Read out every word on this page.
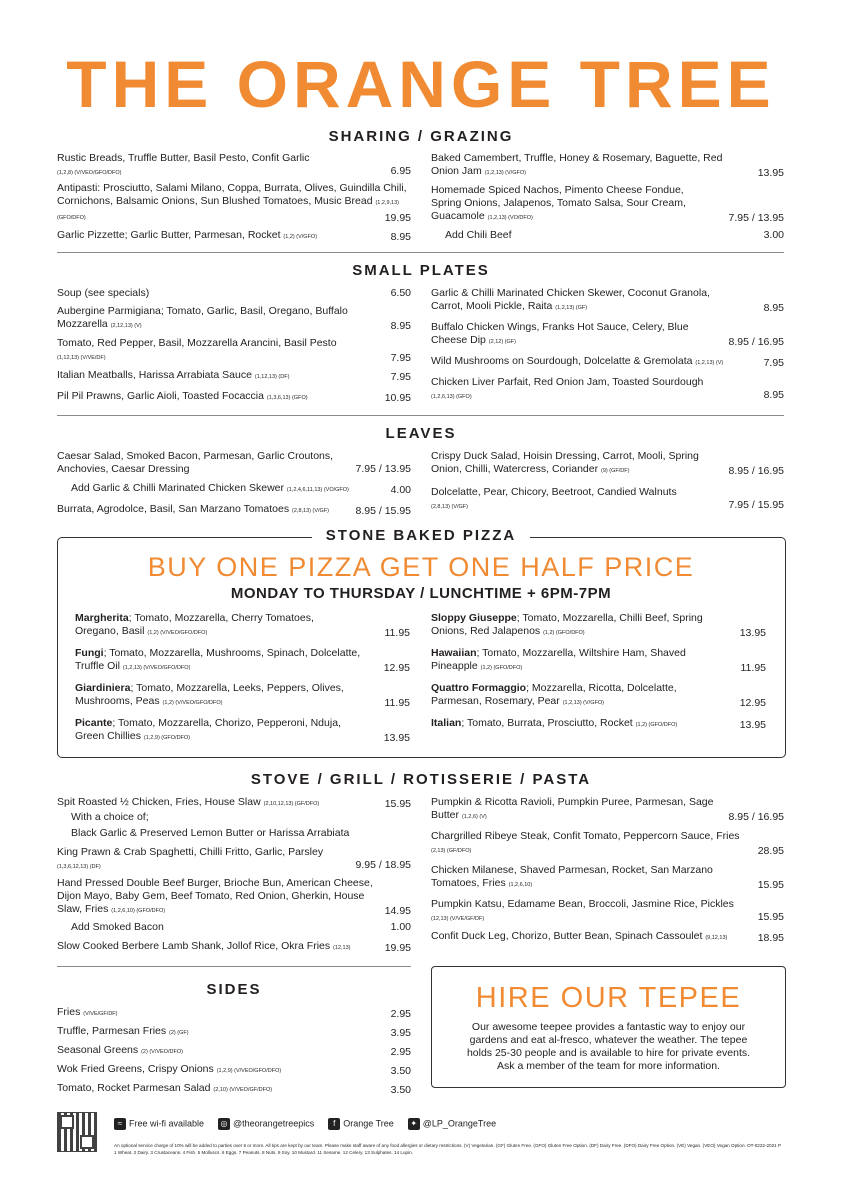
THE ORANGE TREE
SHARING / GRAZING
Rustic Breads, Truffle Butter, Basil Pesto, Confit Garlic
(1,2,8) (V/VEO/GFO/DFO)	6.95
Antipasti: Prosciutto, Salami Milano, Coppa, Burrata, Olives, Guindilla Chili, Cornichons, Balsamic Onions, Sun Blushed Tomatoes, Music Bread (1,2,9,13) (GFO/DFO)	19.95
Garlic Pizzette; Garlic Butter, Parmesan, Rocket (1,2) (V/GFO)	8.95
Baked Camembert, Truffle, Honey & Rosemary, Baguette, Red Onion Jam (1,2,13) (V/GFO)	13.95
Homemade Spiced Nachos, Pimento Cheese Fondue, Spring Onions, Jalapenos, Tomato Salsa, Sour Cream, Guacamole (1,2,13) (VO/DFO)	7.95 / 13.95
Add Chili Beef	3.00
SMALL PLATES
Soup (see specials)	6.50
Aubergine Parmigiana; Tomato, Garlic, Basil, Oregano, Buffalo Mozzarella (2,12,13) (V)	8.95
Tomato, Red Pepper, Basil, Mozzarella Arancini, Basil Pesto (1,12,13) (V/VE/DF)	7.95
Italian Meatballs, Harissa Arrabiata Sauce (1,12,13) (DF)	7.95
Pil Pil Prawns, Garlic Aioli, Toasted Focaccia (1,3,6,13) (GFO)	10.95
Garlic & Chilli Marinated Chicken Skewer, Coconut Granola, Carrot, Mooli Pickle, Raita (1,2,13) (GF)	8.95
Buffalo Chicken Wings, Franks Hot Sauce, Celery, Blue Cheese Dip (2,12) (GF)	8.95 / 16.95
Wild Mushrooms on Sourdough, Dolcelatte & Gremolata (1,2,13) (V)	7.95
Chicken Liver Parfait, Red Onion Jam, Toasted Sourdough
(1,2,6,13) (GFO)	8.95
LEAVES
Caesar Salad, Smoked Bacon, Parmesan, Garlic Croutons, Anchovies, Caesar Dressing	7.95 / 13.95
Add Garlic & Chilli Marinated Chicken Skewer (1,2,4,6,11,13) (VO/GFO)	4.00
Burrata, Agrodolce, Basil, San Marzano Tomatoes (2,8,13) (V/GF)	8.95 / 15.95
Crispy Duck Salad, Hoisin Dressing, Carrot, Mooli, Spring Onion, Chilli, Watercress, Coriander (9) (GF/DF)	8.95 / 16.95
Dolcelatte, Pear, Chicory, Beetroot, Candied Walnuts
(2,8,13) (V/GF)	7.95 / 15.95
STONE BAKED PIZZA
BUY ONE PIZZA GET ONE HALF PRICE
MONDAY TO THURSDAY / LUNCHTIME + 6PM-7PM
Margherita; Tomato, Mozzarella, Cherry Tomatoes, Oregano, Basil (1,2) (V/VEO/GFO/DFO)	11.95
Fungi; Tomato, Mozzarella, Mushrooms, Spinach, Dolcelatte, Truffle Oil (1,2,13) (V/VEO/GFO/DFO)	12.95
Giardiniera; Tomato, Mozzarella, Leeks, Peppers, Olives, Mushrooms, Peas (1,2) (V/VEO/GFO/DFO)	11.95
Picante; Tomato, Mozzarella, Chorizo, Pepperoni, Nduja, Green Chillies (1,2,9) (GFO/DFO)	13.95
Sloppy Giuseppe; Tomato, Mozzarella, Chilli Beef, Spring Onions, Red Jalapenos (1,2) (GFO/DFO)	13.95
Hawaiian; Tomato, Mozzarella, Wiltshire Ham, Shaved Pineapple (1,2) (GFO/DFO)	11.95
Quattro Formaggio; Mozzarella, Ricotta, Dolcelatte, Parmesan, Rosemary, Pear (1,2,13) (V/GFO)	12.95
Italian; Tomato, Burrata, Prosciutto, Rocket (1,2) (GFO/DFO)	13.95
STOVE / GRILL / ROTISSERIE / PASTA
Spit Roasted ½ Chicken, Fries, House Slaw (2,10,12,13) (GF/DFO)	15.95
With a choice of;
Black Garlic & Preserved Lemon Butter or Harissa Arrabiata
King Prawn & Crab Spaghetti, Chilli Fritto, Garlic, Parsley
(1,3,6,12,13) (DF)	9.95 / 18.95
Hand Pressed Double Beef Burger, Brioche Bun, American Cheese, Dijon Mayo, Baby Gem, Beef Tomato, Red Onion, Gherkin, House Slaw, Fries (1,2,6,10) (GFO/DFO)	14.95
Add Smoked Bacon	1.00
Slow Cooked Berbere Lamb Shank, Jollof Rice, Okra Fries (12,13)	19.95
Pumpkin & Ricotta Ravioli, Pumpkin Puree, Parmesan, Sage Butter (1,2,6) (V)	8.95 / 16.95
Chargrilled Ribeye Steak, Confit Tomato, Peppercorn Sauce, Fries (2,13) (GF/DFO)	28.95
Chicken Milanese, Shaved Parmesan, Rocket, San Marzano Tomatoes, Fries (1,2,6,10)	15.95
Pumpkin Katsu, Edamame Bean, Broccoli, Jasmine Rice, Pickles
(12,13) (V/VE/GF/DF)	15.95
Confit Duck Leg, Chorizo, Butter Bean, Spinach Cassoulet (9,12,13)	18.95
SIDES
Fries (V/VE/GF/DF)	2.95
Truffle, Parmesan Fries (2) (GF)	3.95
Seasonal Greens (2) (V/VEO/DFO)	2.95
Wok Fried Greens, Crispy Onions (1,2,9) (V/VEO/GFO/DFO)	3.50
Tomato, Rocket Parmesan Salad (2,10) (V/VEO/GF/DFO)	3.50
HIRE OUR TEPEE

Our awesome teepee provides a fantastic way to enjoy our gardens and eat al-fresco, whatever the weather. The tepee holds 25-30 people and is available to hire for private events. Ask a member of the team for more information.

≈ Free wi-fi available	◎ @theorangetreepics	f Orange Tree	✦ @LP_OrangeTree
An optional service charge of 10% will be added to parties over 6 or more. All tips are kept by our team. Please make staff aware of any food allergies or dietary restrictions. (V) Vegetarian. (GF) Gluten Free. (GFO) Gluten Free Option. (DF) Dairy Free. (DFO) Dairy Free Option. (VE) Vegan. (VEO) Vegan Option. OT-0222-2021 P
1 Wheat. 2 Dairy. 3 Crustaceans. 4 Fish. 5 Molluscs. 6 Eggs. 7 Peanuts. 8 Nuts. 9 Soy. 10 Mustard. 11 Sesame. 12 Celery. 13 Sulphates. 14 Lupin.
